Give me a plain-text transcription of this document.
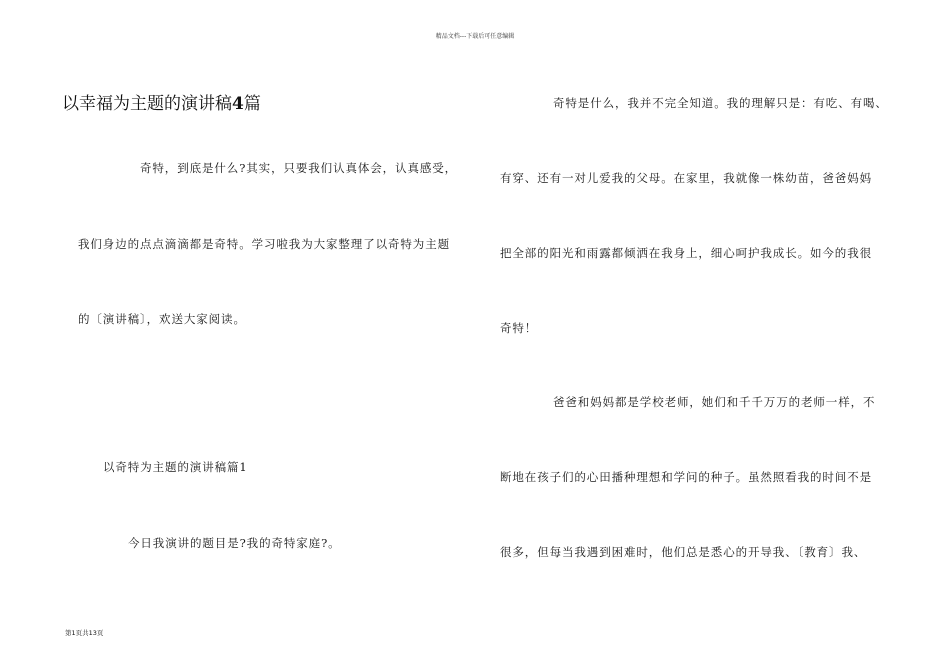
精品文档---下载后可任意编辑
以幸福为主题的演讲稿4篇
奇特，到底是什么?其实，只要我们认真体会，认真感受，
我们身边的点点滴滴都是奇特。学习啦我为大家整理了以奇特为主题
的〔演讲稿〕，欢送大家阅读。
以奇特为主题的演讲稿篇1
今日我演讲的题目是?我的奇特家庭?。
奇特是什么，我并不完全知道。我的理解只是：有吃、有喝、
有穿、还有一对儿爱我的父母。在家里，我就像一株幼苗，爸爸妈妈
把全部的阳光和雨露都倾洒在我身上，细心呵护我成长。如今的我很
奇特！
爸爸和妈妈都是学校老师，她们和千千万万的老师一样，不
断地在孩子们的心田播种理想和学问的种子。虽然照看我的时间不是
很多，但每当我遇到困难时，他们总是悉心的开导我、〔教育〕我、
第1页共13页
